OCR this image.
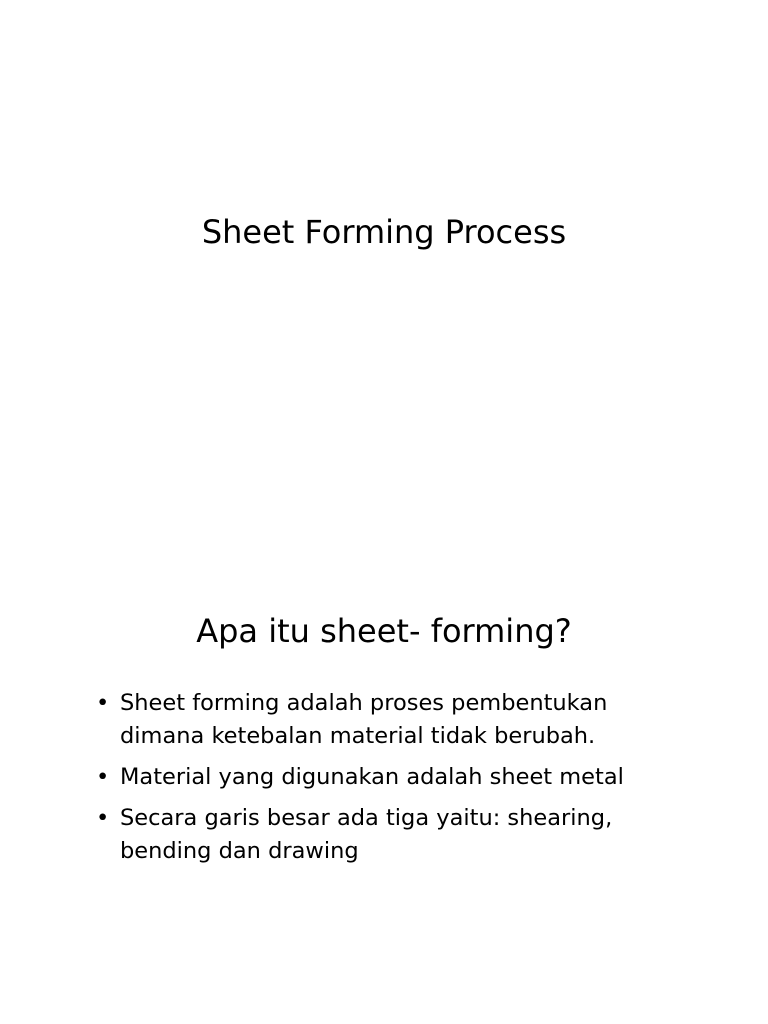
Sheet Forming Process
Apa itu sheet- forming?
• Sheet forming adalah proses pembentukan dimana ketebalan material tidak berubah.
• Material yang digunakan adalah sheet metal
• Secara garis besar ada tiga yaitu: shearing, bending dan drawing
